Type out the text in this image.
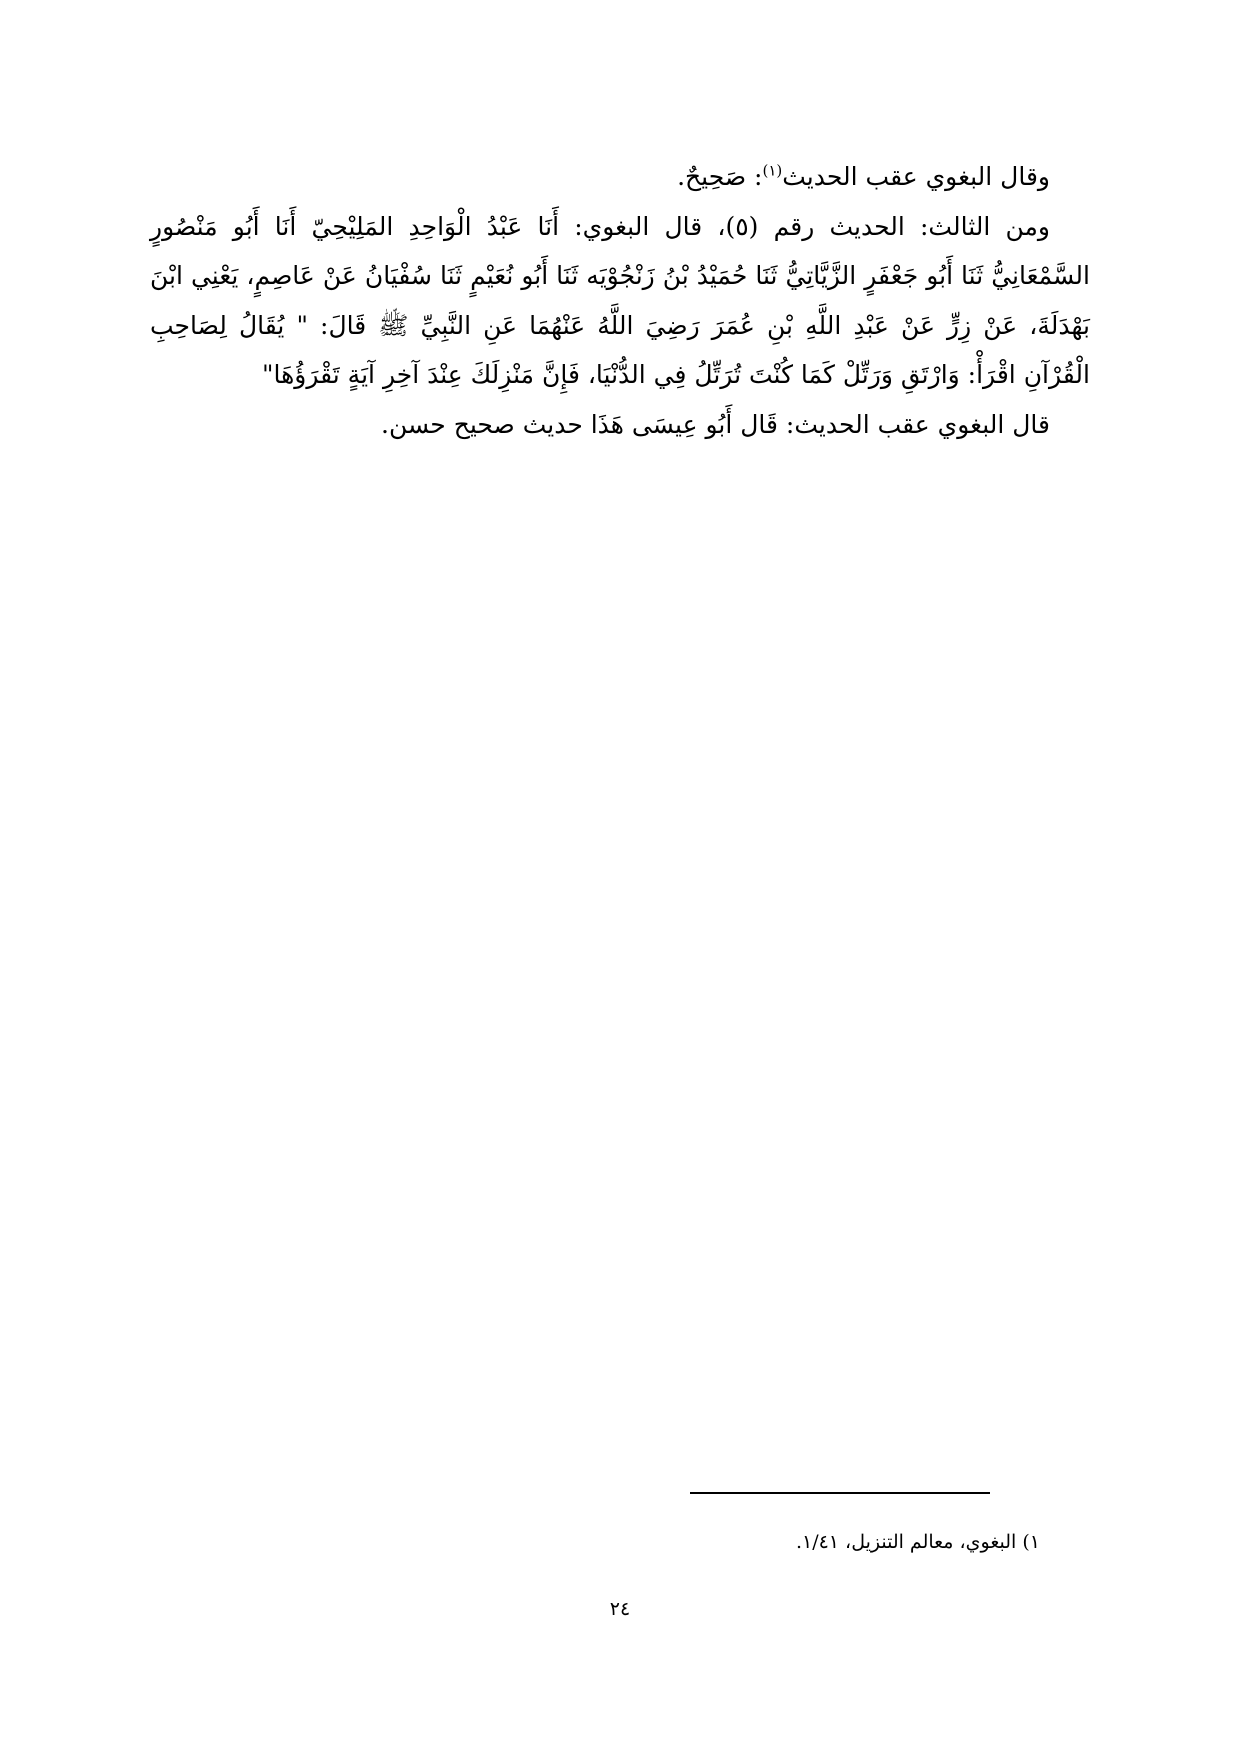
وقال البغوي عقب الحديث$^{(١)}$: صَحِيحٌ.

ومن الثالث: الحديث رقم (٥)، قال البغوي: أَنَا عَبْدُ الْوَاحِدِ المَلِيْحِيّ أَنَا أَبُو مَنْصُورٍ السَّمْعَانِيُّ ثَنَا أَبُو جَعْفَرٍ الزَّيَّاتِيُّ ثَنَا حُمَيْدُ بْنُ زَنْجُوْيَه ثَنَا أَبُو نُعَيْمٍ ثَنَا سُفْيَانُ عَنْ عَاصِمٍ، يَعْنِي ابْنَ بَهْدَلَةَ، عَنْ زِرٍّ عَنْ عَبْدِ اللَّهِ بْنِ عُمَرَ رَضِيَ اللَّهُ عَنْهُمَا عَنِ النَّبِيِّ ﷺ قَالَ: " يُقَالُ لِصَاحِبِ الْقُرْآنِ اقْرَأْ: وَارْتَقِ وَرَتِّلْ كَمَا كُنْتَ تُرَتِّلُ فِي الدُّنْيَا، فَإِنَّ مَنْزِلَكَ عِنْدَ آخِرِ آيَةٍ تَقْرَؤُهَا"

قال البغوي عقب الحديث: قَال أَبُو عِيسَى هَذَا حديث صحيح حسن.

١) البغوي، معالم التنزيل، ١/٤١.
٢٤
